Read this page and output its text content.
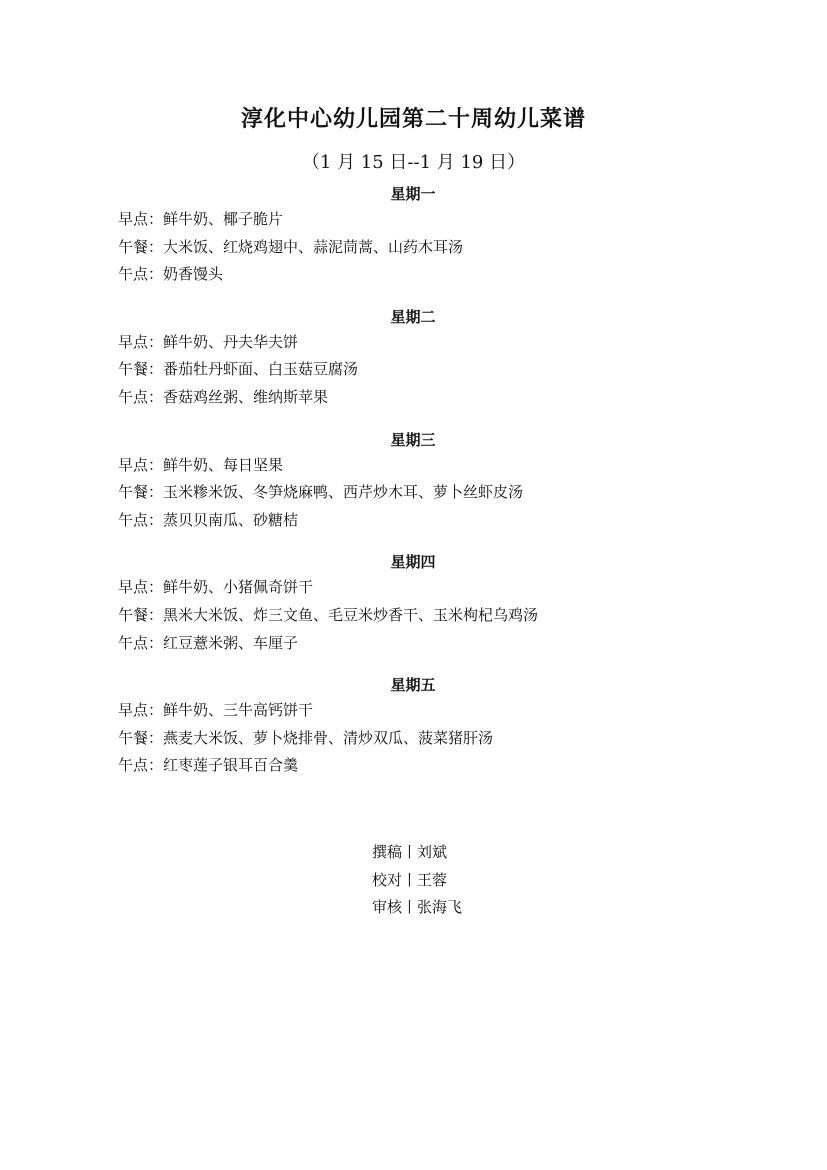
淳化中心幼儿园第二十周幼儿菜谱
（1 月 15 日--1 月 19 日）
星期一
早点：鲜牛奶、椰子脆片
午餐：大米饭、红烧鸡翅中、蒜泥茼蒿、山药木耳汤
午点：奶香馒头
星期二
早点：鲜牛奶、丹夫华夫饼
午餐：番茄牡丹虾面、白玉菇豆腐汤
午点：香菇鸡丝粥、维纳斯苹果
星期三
早点：鲜牛奶、每日坚果
午餐：玉米糁米饭、冬笋烧麻鸭、西芹炒木耳、萝卜丝虾皮汤
午点：蒸贝贝南瓜、砂糖桔
星期四
早点：鲜牛奶、小猪佩奇饼干
午餐：黑米大米饭、炸三文鱼、毛豆米炒香干、玉米枸杞乌鸡汤
午点：红豆薏米粥、车厘子
星期五
早点：鲜牛奶、三牛高钙饼干
午餐：燕麦大米饭、萝卜烧排骨、清炒双瓜、菠菜猪肝汤
午点：红枣莲子银耳百合羹
撰稿丨刘斌
校对丨王蓉
审核丨张海飞
